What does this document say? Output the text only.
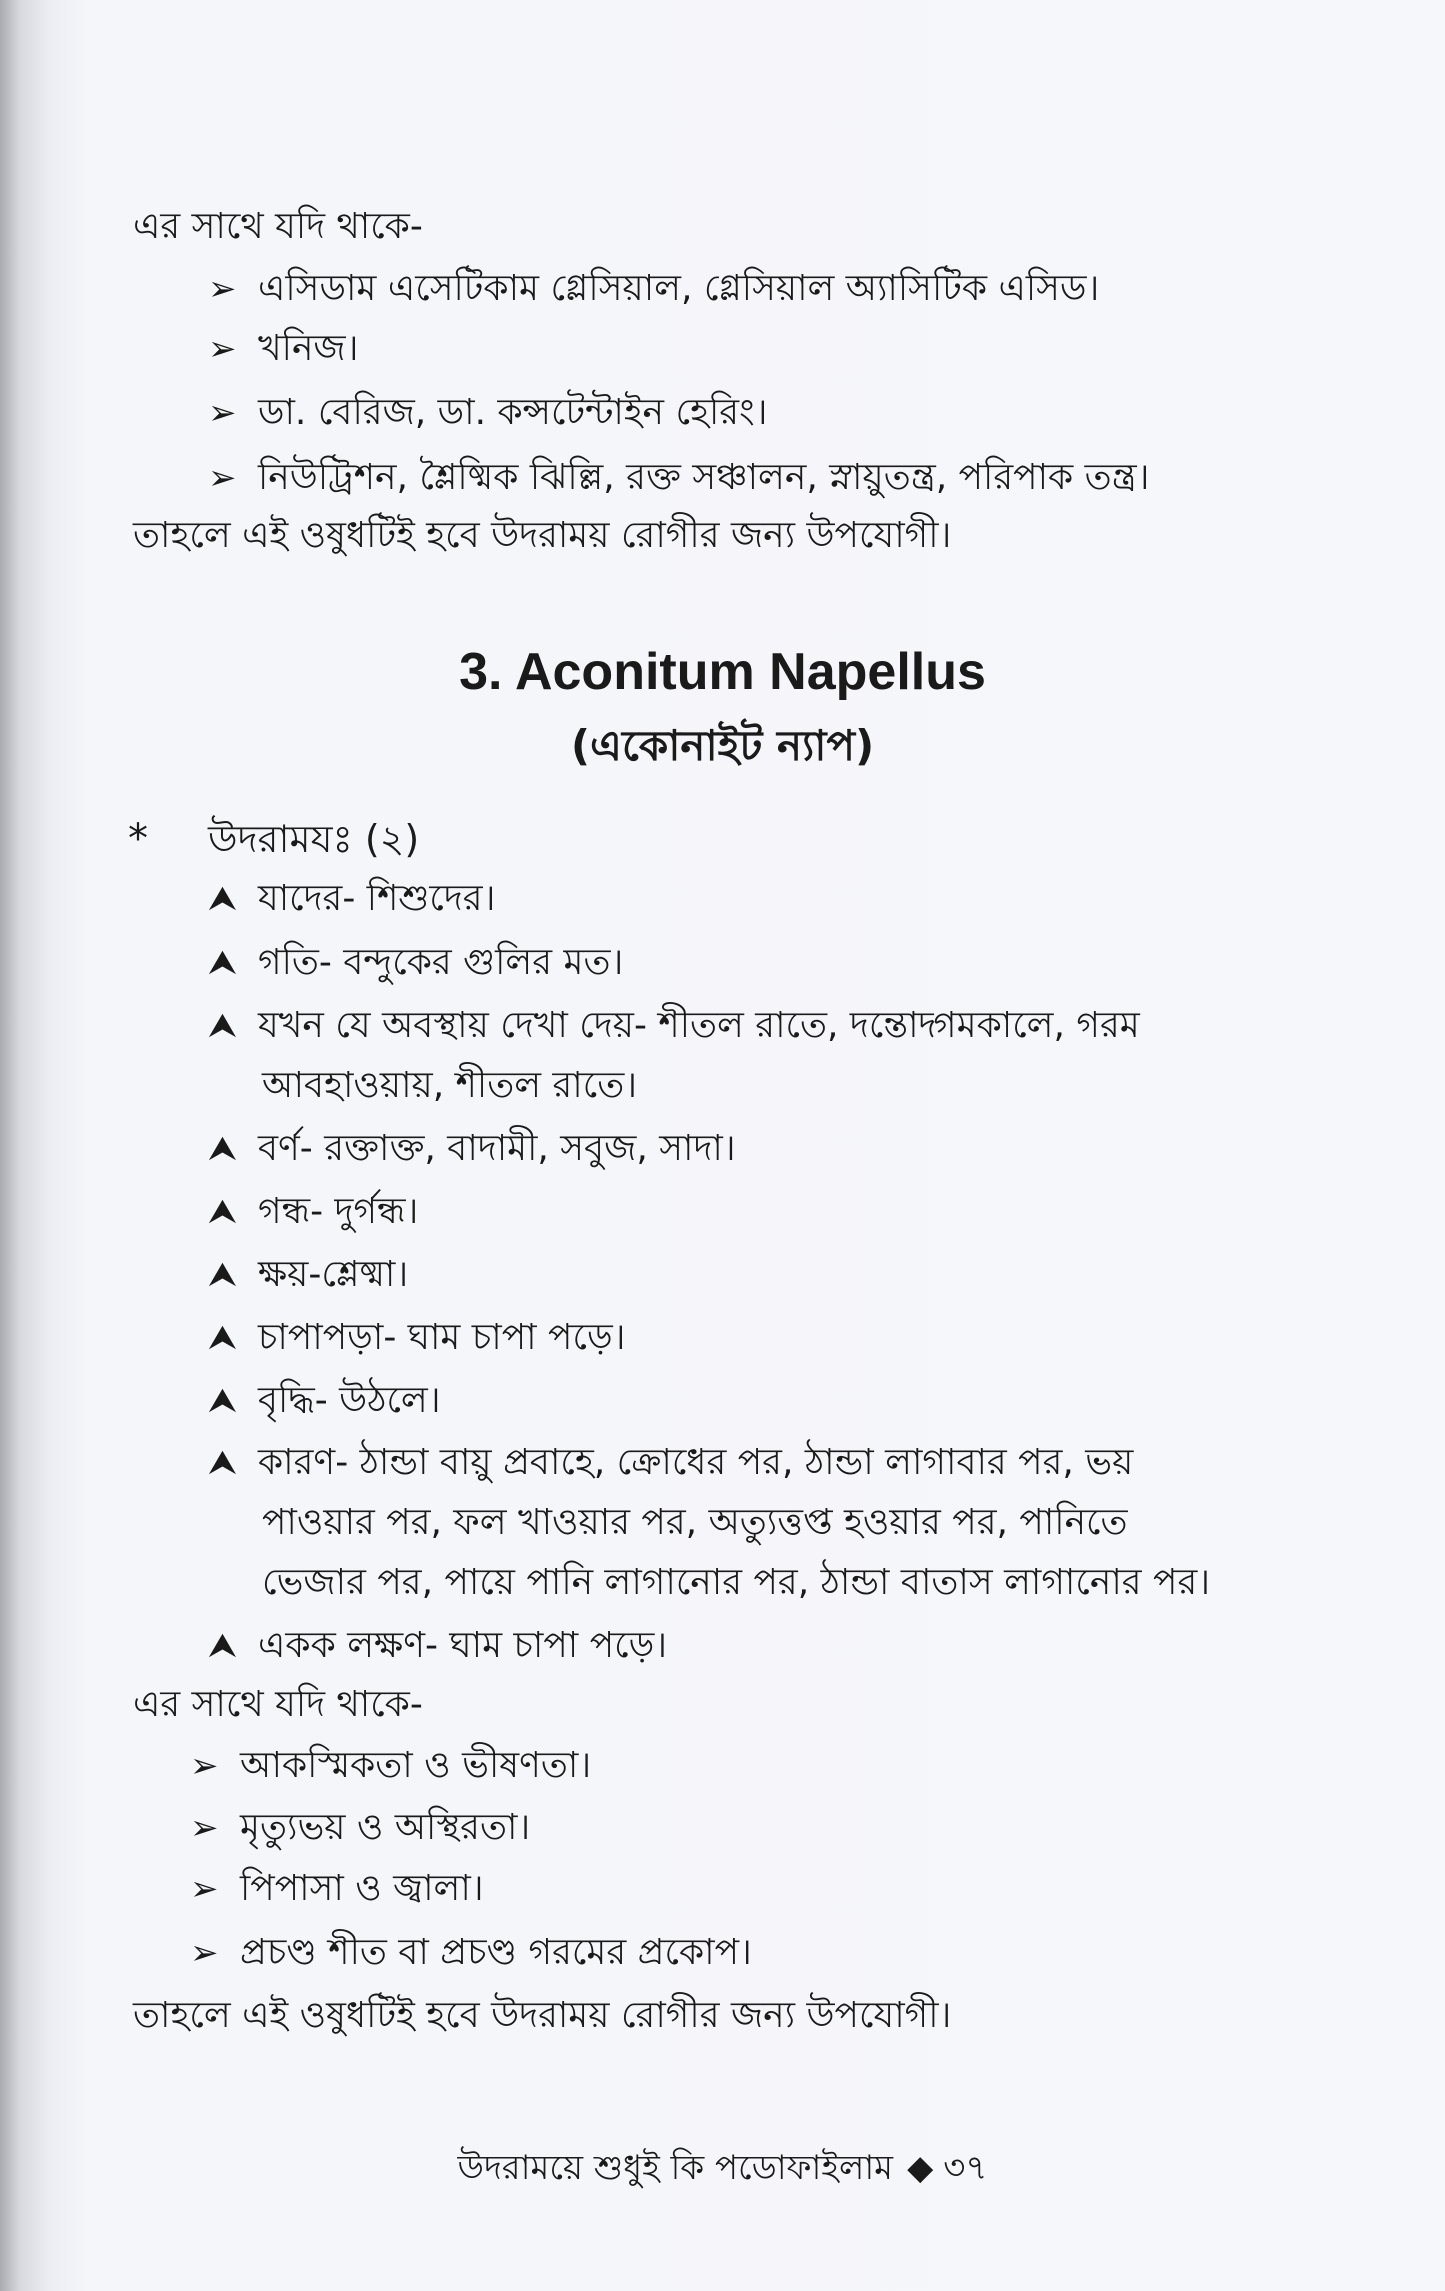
এর সাথে যদি থাকে-
➢ এসিডাম এসেটিকাম গ্লেসিয়াল, গ্লেসিয়াল অ্যাসিটিক এসিড।
➢ খনিজ।
➢ ডা. বেরিজ, ডা. কন্সটেন্টাইন হেরিং।
➢ নিউট্রিশন, শ্লৈষ্মিক ঝিল্লি, রক্ত সঞ্চালন, স্নায়ুতন্ত্র, পরিপাক তন্ত্র।
তাহলে এই ওষুধটিই হবে উদরাময় রোগীর জন্য উপযোগী।
3. Aconitum Napellus
(একোনাইট ন্যাপ)
* উদরামযঃ (২)
⮝ যাদের- শিশুদের।
⮝ গতি- বন্দুকের গুলির মত।
⮝ যখন যে অবস্থায় দেখা দেয়- শীতল রাতে, দন্তোদ্গমকালে, গরম
আবহাওয়ায়, শীতল রাতে।
⮝ বর্ণ- রক্তাক্ত, বাদামী, সবুজ, সাদা।
⮝ গন্ধ- দুর্গন্ধ।
⮝ ক্ষয়-শ্লেষ্মা।
⮝ চাপাপড়া- ঘাম চাপা পড়ে।
⮝ বৃদ্ধি- উঠলে।
⮝ কারণ- ঠান্ডা বায়ু প্রবাহে, ক্রোধের পর, ঠান্ডা লাগাবার পর, ভয়
পাওয়ার পর, ফল খাওয়ার পর, অত্যুত্তপ্ত হওয়ার পর, পানিতে
ভেজার পর, পায়ে পানি লাগানোর পর, ঠান্ডা বাতাস লাগানোর পর।
⮝ একক লক্ষণ- ঘাম চাপা পড়ে।
এর সাথে যদি থাকে-
➢ আকস্মিকতা ও ভীষণতা।
➢ মৃত্যুভয় ও অস্থিরতা।
➢ পিপাসা ও জ্বালা।
➢ প্রচণ্ড শীত বা প্রচণ্ড গরমের প্রকোপ।
তাহলে এই ওষুধটিই হবে উদরাময় রোগীর জন্য উপযোগী।
উদরাময়ে শুধুই কি পডোফাইলাম ◆ ৩৭
